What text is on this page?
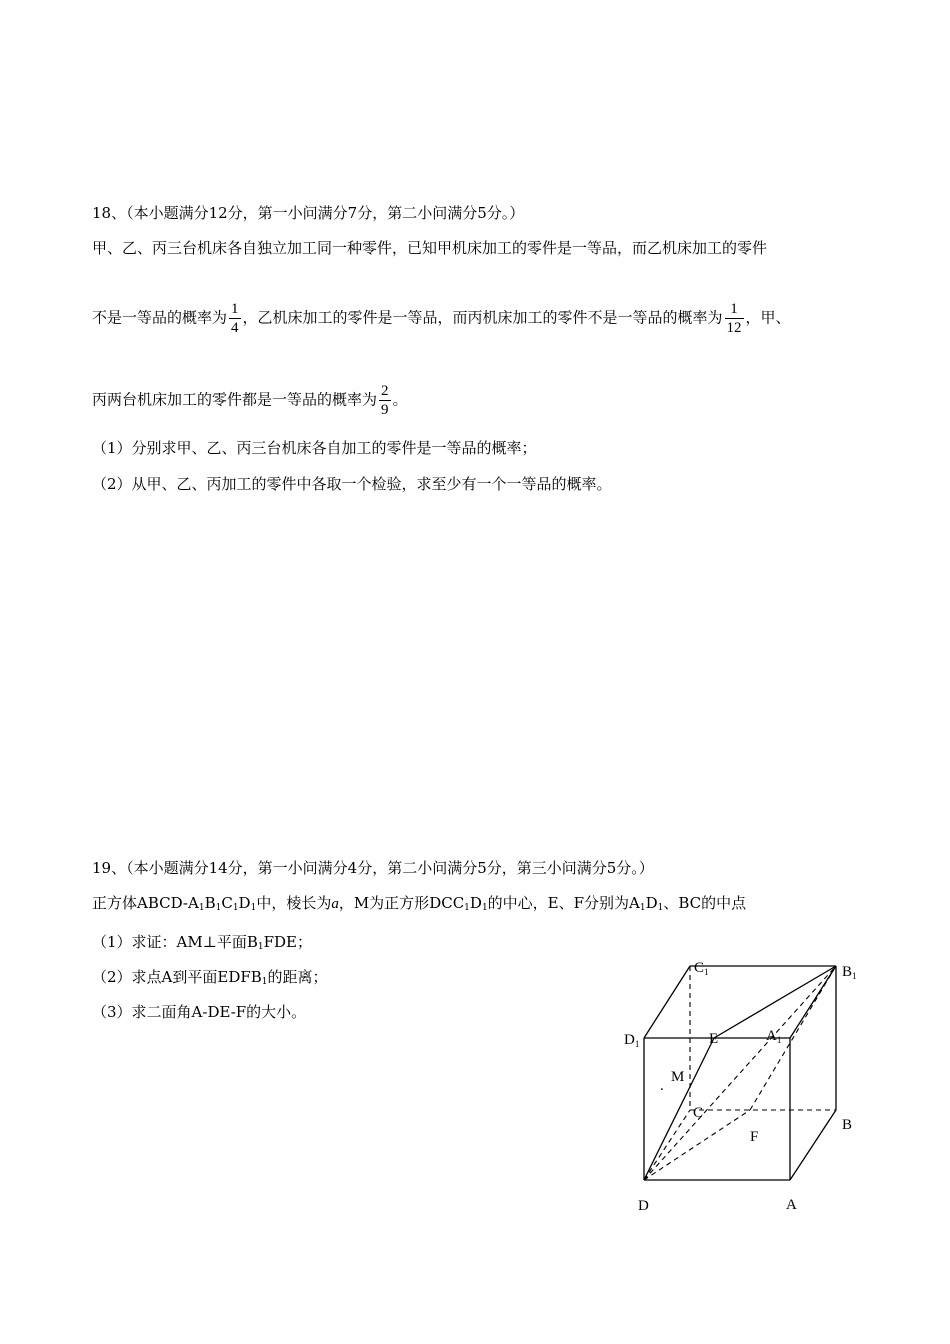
18、（本小题满分12分，第一小问满分7分，第二小问满分5分。）
甲、乙、丙三台机床各自独立加工同一种零件，已知甲机床加工的零件是一等品，而乙机床加工的零件
不是一等品的概率为 $\frac{1}{4}$ ，乙机床加工的零件是一等品，而丙机床加工的零件不是一等品的概率为 $\frac{1}{12}$ ，甲、
丙两台机床加工的零件都是一等品的概率为 $\frac{2}{9}$ 。
（1）分别求甲、乙、丙三台机床各自加工的零件是一等品的概率；
（2）从甲、乙、丙加工的零件中各取一个检验，求至少有一个一等品的概率。
19、（本小题满分14分，第一小问满分4分，第二小问满分5分，第三小问满分5分。）
正方体ABCD-$A_1B_1C_1D_1$中，棱长为a，M为正方形$DCC_1D_1$的中心，E、F分别为$A_1D_1$、BC的中点
（1）求证：AM⊥平面$B_1FDE$；
（2）求点A到平面$EDFB_1$的距离；
（3）求二面角A-DE-F的大小。
$C_1$	$B_1$
$D_1$	E	$A_1$
M
.
C
F
B
D	A
